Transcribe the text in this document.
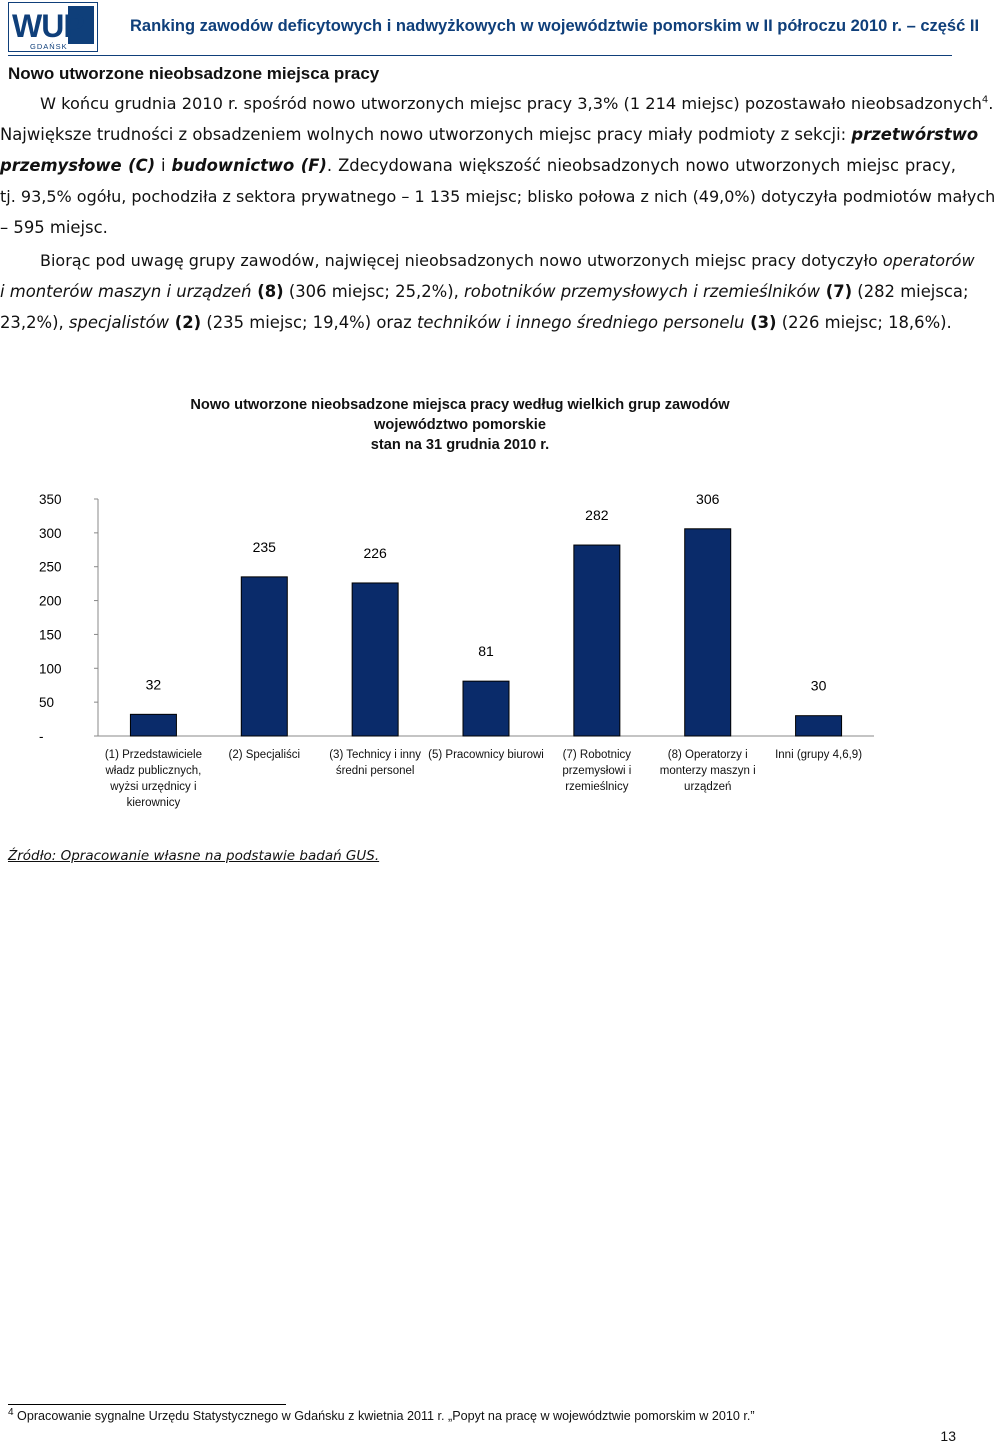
WUP
GDAŃSK
Ranking zawodów deficytowych i nadwyżkowych w województwie pomorskim w II półroczu 2010 r. – część II
Nowo utworzone nieobsadzone miejsca pracy
W końcu grudnia 2010 r. spośród nowo utworzonych miejsc pracy 3,3% (1 214 miejsc) pozostawało nieobsadzonych$^4$.
Największe trudności z obsadzeniem wolnych nowo utworzonych miejsc pracy miały podmioty z sekcji: przetwórstwo
przemysłowe (C) i budownictwo (F). Zdecydowana większość nieobsadzonych nowo utworzonych miejsc pracy,
tj. 93,5% ogółu, pochodziła z sektora prywatnego – 1 135 miejsc; blisko połowa z nich (49,0%) dotyczyła podmiotów małych
– 595 miejsc.
Biorąc pod uwagę grupy zawodów, najwięcej nieobsadzonych nowo utworzonych miejsc pracy dotyczyło operatorów
i monterów maszyn i urządzeń (8) (306 miejsc; 25,2%), robotników przemysłowych i rzemieślników (7) (282 miejsca;
23,2%), specjalistów (2) (235 miejsc; 19,4%) oraz techników i innego średniego personelu (3) (226 miejsc; 18,6%).
Nowo utworzone nieobsadzone miejsca pracy według wielkich grup zawodów
województwo pomorskie
stan na 31 grudnia 2010 r.
-
50
100
150
200
250
300
350
32
235	226
81
282
306
30
(1) Przedstawiciele władz publicznych, wyżsi urzędnicy i kierownicy
(2) Specjaliści	(3) Technicy i inny średni personel
(5) Pracownicy biurowi	(7) Robotnicy przemysłowi i rzemieślnicy
(8) Operatorzy i monterzy maszyn i urządzeń
Inni (grupy 4,6,9)
Źródło: Opracowanie własne na podstawie badań GUS.
$^4$ Opracowanie sygnalne Urzędu Statystycznego w Gdańsku z kwietnia 2011 r. „Popyt na pracę w województwie pomorskim w 2010 r.”
13
